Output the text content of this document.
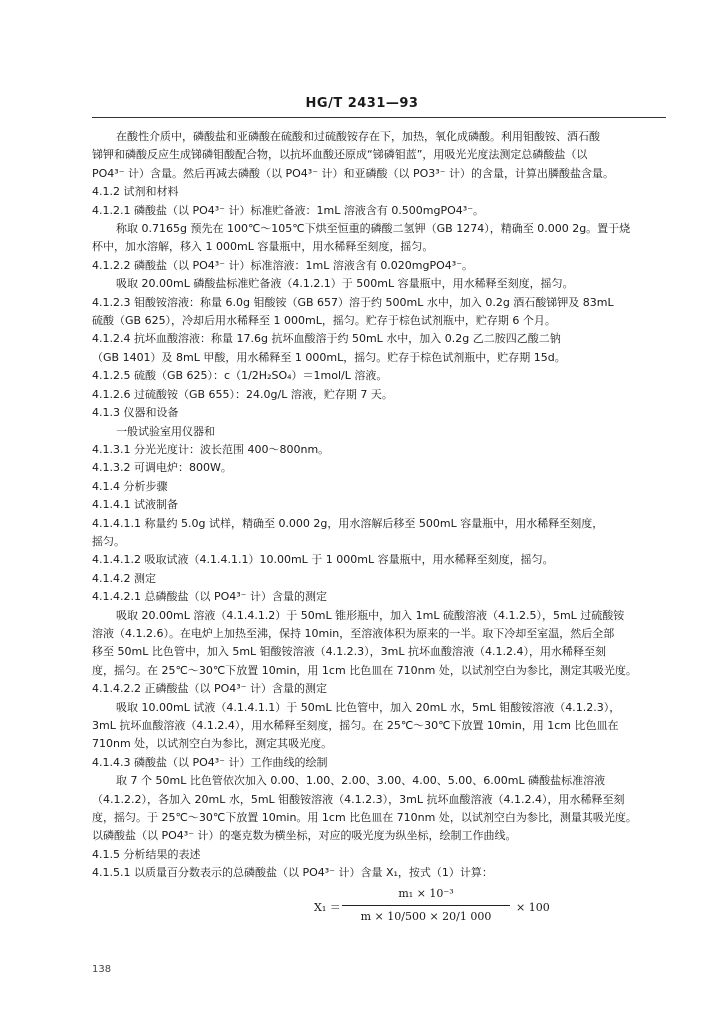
HG/T 2431—93
在酸性介质中，磷酸盐和亚磷酸在硫酸和过硫酸铵存在下，加热，氧化成磷酸。利用钼酸铵、酒石酸
锑钾和磷酸反应生成锑磷钼酸配合物，以抗坏血酸还原成“锑磷钼蓝”，用吸光光度法测定总磷酸盐（以
PO4³⁻ 计）含量。然后再减去磷酸（以 PO4³⁻ 计）和亚磷酸（以 PO3³⁻ 计）的含量，计算出膦酸盐含量。
4.1.2 试剂和材料
4.1.2.1 磷酸盐（以 PO4³⁻ 计）标准贮备液：1mL 溶液含有 0.500mgPO4³⁻。
称取 0.7165g 预先在 100℃～105℃下烘至恒重的磷酸二氢钾（GB 1274），精确至 0.000 2g。置于烧
杯中，加水溶解，移入 1 000mL 容量瓶中，用水稀释至刻度，摇匀。
4.1.2.2 磷酸盐（以 PO4³⁻ 计）标准溶液：1mL 溶液含有 0.020mgPO4³⁻。
吸取 20.00mL 磷酸盐标准贮备液（4.1.2.1）于 500mL 容量瓶中，用水稀释至刻度，摇匀。
4.1.2.3 钼酸铵溶液：称量 6.0g 钼酸铵（GB 657）溶于约 500mL 水中，加入 0.2g 酒石酸锑钾及 83mL
硫酸（GB 625），冷却后用水稀释至 1 000mL，摇匀。贮存于棕色试剂瓶中，贮存期 6 个月。
4.1.2.4 抗坏血酸溶液：称量 17.6g 抗坏血酸溶于约 50mL 水中，加入 0.2g 乙二胺四乙酸二钠
（GB 1401）及 8mL 甲酸，用水稀释至 1 000mL，摇匀。贮存于棕色试剂瓶中，贮存期 15d。
4.1.2.5 硫酸（GB 625）：c（1/2H₂SO₄）＝1mol/L 溶液。
4.1.2.6 过硫酸铵（GB 655）：24.0g/L 溶液，贮存期 7 天。
4.1.3 仪器和设备
一般试验室用仪器和
4.1.3.1 分光光度计：波长范围 400～800nm。
4.1.3.2 可调电炉：800W。
4.1.4 分析步骤
4.1.4.1 试液制备
4.1.4.1.1 称量约 5.0g 试样，精确至 0.000 2g，用水溶解后移至 500mL 容量瓶中，用水稀释至刻度，
摇匀。
4.1.4.1.2 吸取试液（4.1.4.1.1）10.00mL 于 1 000mL 容量瓶中，用水稀释至刻度，摇匀。
4.1.4.2 测定
4.1.4.2.1 总磷酸盐（以 PO4³⁻ 计）含量的测定
吸取 20.00mL 溶液（4.1.4.1.2）于 50mL 锥形瓶中，加入 1mL 硫酸溶液（4.1.2.5），5mL 过硫酸铵
溶液（4.1.2.6）。在电炉上加热至沸，保持 10min，至溶液体积为原来的一半。取下冷却至室温，然后全部
移至 50mL 比色管中，加入 5mL 钼酸铵溶液（4.1.2.3），3mL 抗坏血酸溶液（4.1.2.4），用水稀释至刻
度，摇匀。在 25℃～30℃下放置 10min，用 1cm 比色皿在 710nm 处，以试剂空白为参比，测定其吸光度。
4.1.4.2.2 正磷酸盐（以 PO4³⁻ 计）含量的测定
吸取 10.00mL 试液（4.1.4.1.1）于 50mL 比色管中，加入 20mL 水，5mL 钼酸铵溶液（4.1.2.3），
3mL 抗坏血酸溶液（4.1.2.4），用水稀释至刻度，摇匀。在 25℃～30℃下放置 10min，用 1cm 比色皿在
710nm 处，以试剂空白为参比，测定其吸光度。
4.1.4.3 磷酸盐（以 PO4³⁻ 计）工作曲线的绘制
取 7 个 50mL 比色管依次加入 0.00、1.00、2.00、3.00、4.00、5.00、6.00mL 磷酸盐标准溶液
（4.1.2.2），各加入 20mL 水，5mL 钼酸铵溶液（4.1.2.3），3mL 抗坏血酸溶液（4.1.2.4），用水稀释至刻
度，摇匀。于 25℃～30℃下放置 10min。用 1cm 比色皿在 710nm 处，以试剂空白为参比，测量其吸光度。
以磷酸盐（以 PO4³⁻ 计）的毫克数为横坐标，对应的吸光度为纵坐标，绘制工作曲线。
4.1.5 分析结果的表述
4.1.5.1 以质量百分数表示的总磷酸盐（以 PO4³⁻ 计）含量 X₁，按式（1）计算：
$X_1 = \frac{\text{m₁ × 10⁻³}}{m \times 10/500 \times 20/1 000} \times 100$
138
